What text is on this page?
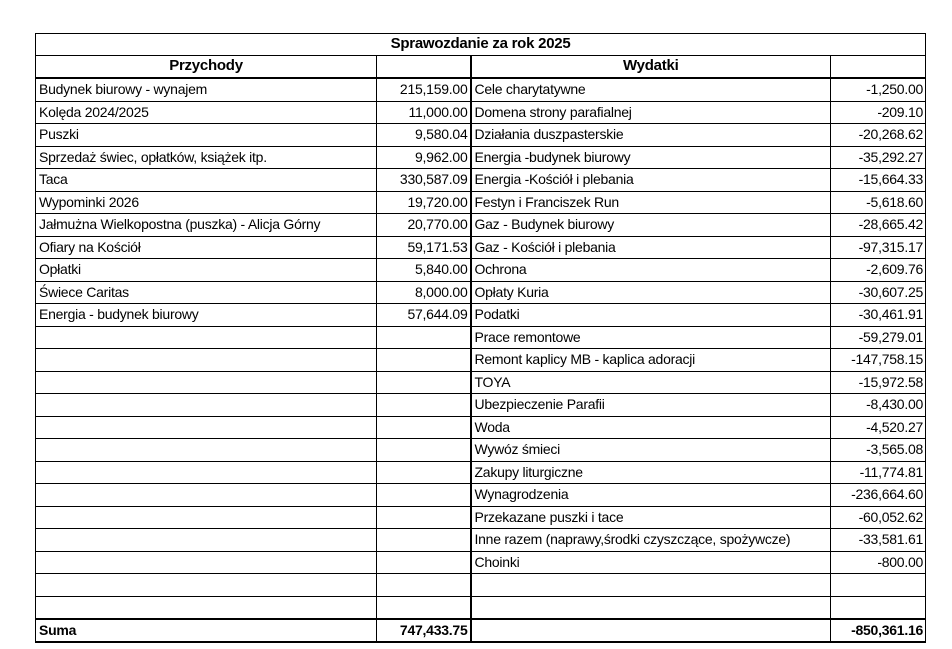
Sprawozdanie za rok 2025			
Przychody		Wydatki	
Budynek biurowy - wynajem	215,159.00	Cele charytatywne	-1,250.00
Kolęda 2024/2025	11,000.00	Domena strony parafialnej	-209.10
Puszki	9,580.04	Działania duszpasterskie	-20,268.62
Sprzedaż świec, opłatków, książek itp.	9,962.00	Energia -budynek biurowy	-35,292.27
Taca	330,587.09	Energia -Kościół i plebania	-15,664.33
Wypominki 2026	19,720.00	Festyn i Franciszek Run	-5,618.60
Jałmużna Wielkopostna (puszka) - Alicja Górny	20,770.00	Gaz - Budynek biurowy	-28,665.42
Ofiary na Kościół	59,171.53	Gaz - Kościół i plebania	-97,315.17
Opłatki	5,840.00	Ochrona	-2,609.76
Świece Caritas	8,000.00	Opłaty Kuria	-30,607.25
Energia - budynek biurowy	57,644.09	Podatki	-30,461.91
		Prace remontowe	-59,279.01
		Remont kaplicy MB - kaplica adoracji	-147,758.15
		TOYA	-15,972.58
		Ubezpieczenie Parafii	-8,430.00
		Woda	-4,520.27
		Wywóz śmieci	-3,565.08
		Zakupy liturgiczne	-11,774.81
		Wynagrodzenia	-236,664.60
		Przekazane puszki i tace	-60,052.62
		Inne razem (naprawy,środki czyszczące, spożywcze)	-33,581.61
		Choinki	-800.00

Suma	747,433.75		-850,361.16
